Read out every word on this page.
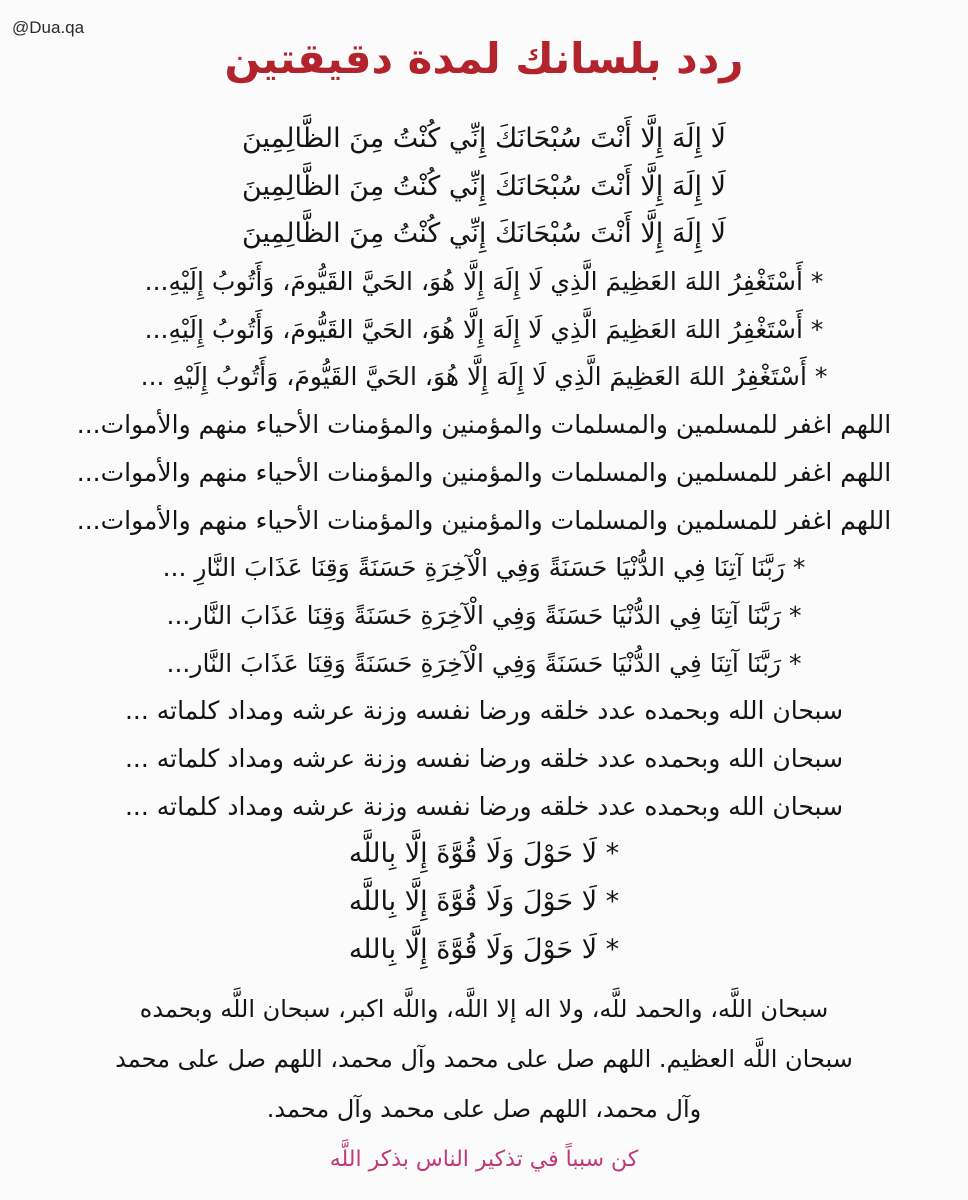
@Dua.qa
ردد بلسانك لمدة دقيقتين
لَا إِلَهَ إِلَّا أَنْتَ سُبْحَانَكَ إِنِّي كُنْتُ مِنَ الظَّالِمِينَ
لَا إِلَهَ إِلَّا أَنْتَ سُبْحَانَكَ إِنِّي كُنْتُ مِنَ الظَّالِمِينَ
لَا إِلَهَ إِلَّا أَنْتَ سُبْحَانَكَ إِنِّي كُنْتُ مِنَ الظَّالِمِينَ
* أَسْتَغْفِرُ اللهَ العَظِيمَ الَّذِي لَا إِلَهَ إِلَّا هُوَ، الحَيَّ القَيُّومَ، وَأَتُوبُ إِلَيْهِ...
* أَسْتَغْفِرُ اللهَ العَظِيمَ الَّذِي لَا إِلَهَ إِلَّا هُوَ، الحَيَّ القَيُّومَ، وَأَتُوبُ إِلَيْهِ...
* أَسْتَغْفِرُ اللهَ العَظِيمَ الَّذِي لَا إِلَهَ إِلَّا هُوَ، الحَيَّ القَيُّومَ، وَأَتُوبُ إِلَيْهِ ...
اللهم اغفر للمسلمين والمسلمات والمؤمنين والمؤمنات الأحياء منهم والأموات...
اللهم اغفر للمسلمين والمسلمات والمؤمنين والمؤمنات الأحياء منهم والأموات...
اللهم اغفر للمسلمين والمسلمات والمؤمنين والمؤمنات الأحياء منهم والأموات...
* رَبَّنَا آتِنَا فِي الدُّنْيَا حَسَنَةً وَفِي الْآخِرَةِ حَسَنَةً وَقِنَا عَذَابَ النَّارِ ...
* رَبَّنَا آتِنَا فِي الدُّنْيَا حَسَنَةً وَفِي الْآخِرَةِ حَسَنَةً وَقِنَا عَذَابَ النَّار...
* رَبَّنَا آتِنَا فِي الدُّنْيَا حَسَنَةً وَفِي الْآخِرَةِ حَسَنَةً وَقِنَا عَذَابَ النَّار...
سبحان الله وبحمده عدد خلقه ورضا نفسه وزنة عرشه ومداد كلماته ...
سبحان الله وبحمده عدد خلقه ورضا نفسه وزنة عرشه ومداد كلماته ...
سبحان الله وبحمده عدد خلقه ورضا نفسه وزنة عرشه ومداد كلماته ...
* لَا حَوْلَ وَلَا قُوَّةَ إِلَّا بِاللَّه
* لَا حَوْلَ وَلَا قُوَّةَ إِلَّا بِاللَّه
* لَا حَوْلَ وَلَا قُوَّةَ إِلَّا بِالله
سبحان اللَّه، والحمد للَّه، ولا اله إلا اللَّه، واللَّه اكبر، سبحان اللَّه وبحمده
سبحان اللَّه العظيم. اللهم صل على محمد وآل محمد، اللهم صل على محمد
وآل محمد، اللهم صل على محمد وآل محمد.
كن سبباً في تذكير الناس بذكر اللَّه
